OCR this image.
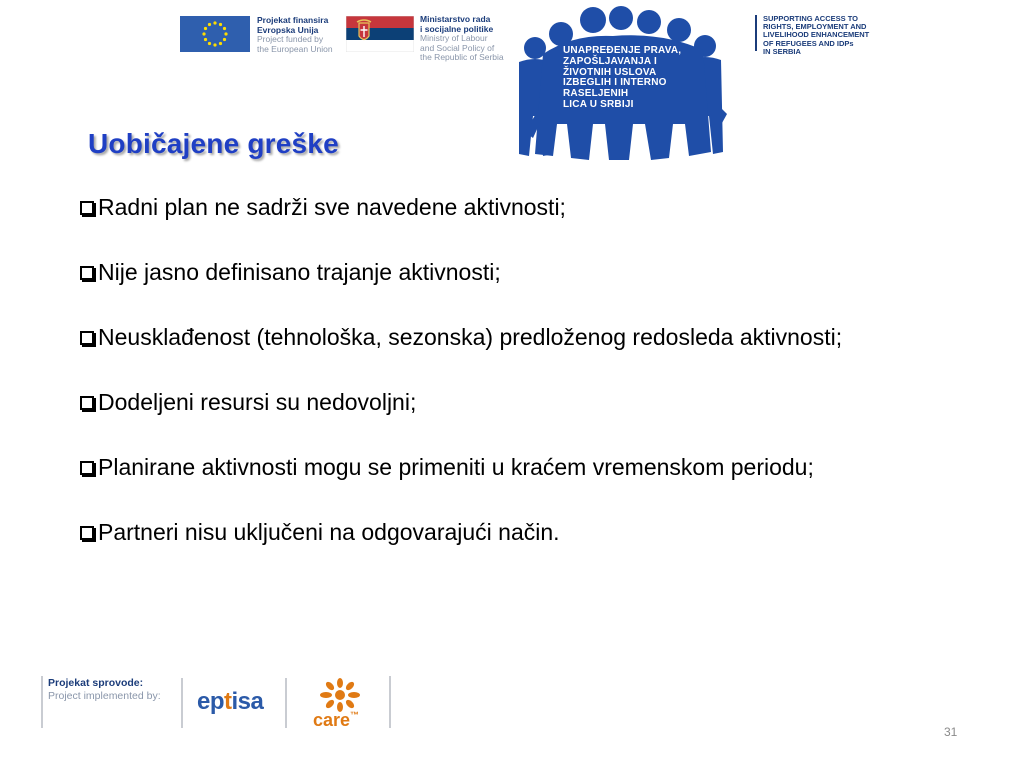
Projekat finansira
Evropska Unija
Project funded by
the European Union
Ministarstvo rada
i socijalne politike
Ministry of Labour
and Social Policy of
the Republic of Serbia
UNAPREĐENJE PRAVA,
ZAPOŠLJAVANJA I
ŽIVOTNIH USLOVA
IZBEGLIH I INTERNO
RASELJENIH
LICA U SRBIJI
SUPPORTING ACCESS TO
RIGHTS, EMPLOYMENT AND
LIVELIHOOD ENHANCEMENT
OF REFUGEES AND IDPs
IN SERBIA
Uobičajene greške
Radni plan ne sadrži sve navedene aktivnosti;
Nije jasno definisano trajanje aktivnosti;
Neusklađenost (tehnološka, sezonska) predloženog redosleda aktivnosti;
Dodeljeni resursi su nedovoljni;
Planirane aktivnosti mogu se primeniti u kraćem vremenskom periodu;
Partneri nisu uključeni na odgovarajući način.
Projekat sprovode:
Project implemented by: eptisa
care™
31
